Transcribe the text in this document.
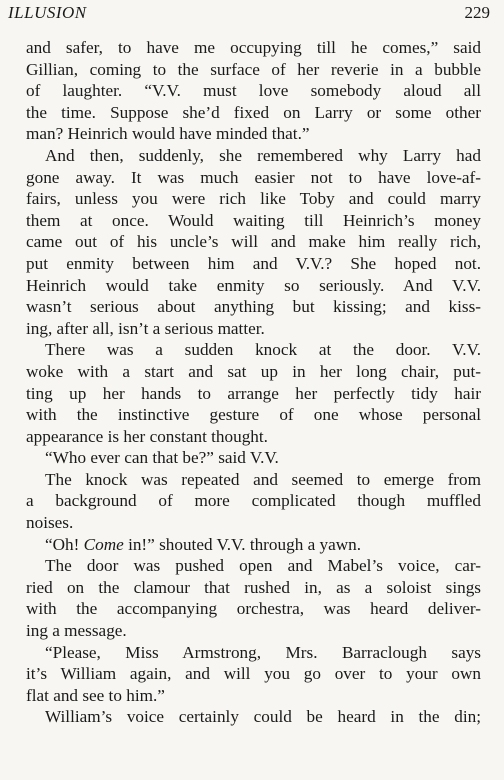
ILLUSION	229
and safer, to have me occupying till he comes,” said
Gillian, coming to the surface of her reverie in a bubble
of laughter. “V.V. must love somebody aloud all
the time. Suppose she’d fixed on Larry or some other
man? Heinrich would have minded that.”
And then, suddenly, she remembered why Larry had
gone away. It was much easier not to have love-af-
fairs, unless you were rich like Toby and could marry
them at once. Would waiting till Heinrich’s money
came out of his uncle’s will and make him really rich,
put enmity between him and V.V.? She hoped not.
Heinrich would take enmity so seriously. And V.V.
wasn’t serious about anything but kissing; and kiss-
ing, after all, isn’t a serious matter.
There was a sudden knock at the door. V.V.
woke with a start and sat up in her long chair, put-
ting up her hands to arrange her perfectly tidy hair
with the instinctive gesture of one whose personal
appearance is her constant thought.
“Who ever can that be?” said V.V.
The knock was repeated and seemed to emerge from
a background of more complicated though muffled
noises.
“Oh! Come in!” shouted V.V. through a yawn.
The door was pushed open and Mabel’s voice, car-
ried on the clamour that rushed in, as a soloist sings
with the accompanying orchestra, was heard deliver-
ing a message.
“Please, Miss Armstrong, Mrs. Barraclough says
it’s William again, and will you go over to your own
flat and see to him.”
William’s voice certainly could be heard in the din;
